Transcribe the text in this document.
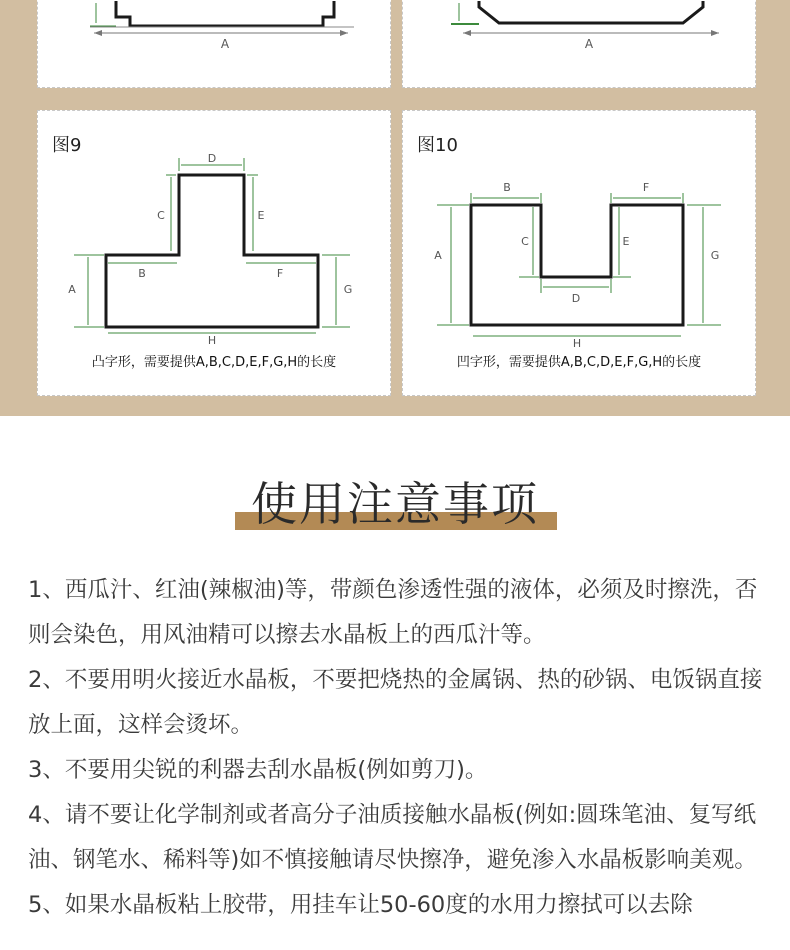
A	A
图9
D
C	E
B	F
A	G
H
凸字形，需要提供A,B,C,D,E,F,G,H的长度
图10
B	F
C	E
D
A	G
H
凹字形，需要提供A,B,C,D,E,F,G,H的长度
使用注意事项

1、西瓜汁、红油(辣椒油)等，带颜色渗透性强的液体，必须及时擦洗，否则会染色，用风油精可以擦去水晶板上的西瓜汁等。

2、不要用明火接近水晶板，不要把烧热的金属锅、热的砂锅、电饭锅直接放上面，这样会烫坏。

3、不要用尖锐的利器去刮水晶板(例如剪刀)。

4、请不要让化学制剂或者高分子油质接触水晶板(例如:圆珠笔油、复写纸油、钢笔水、稀料等)如不慎接触请尽快擦净，避免渗入水晶板影响美观。

5、如果水晶板粘上胶带，用挂车让50-60度的水用力擦拭可以去除
